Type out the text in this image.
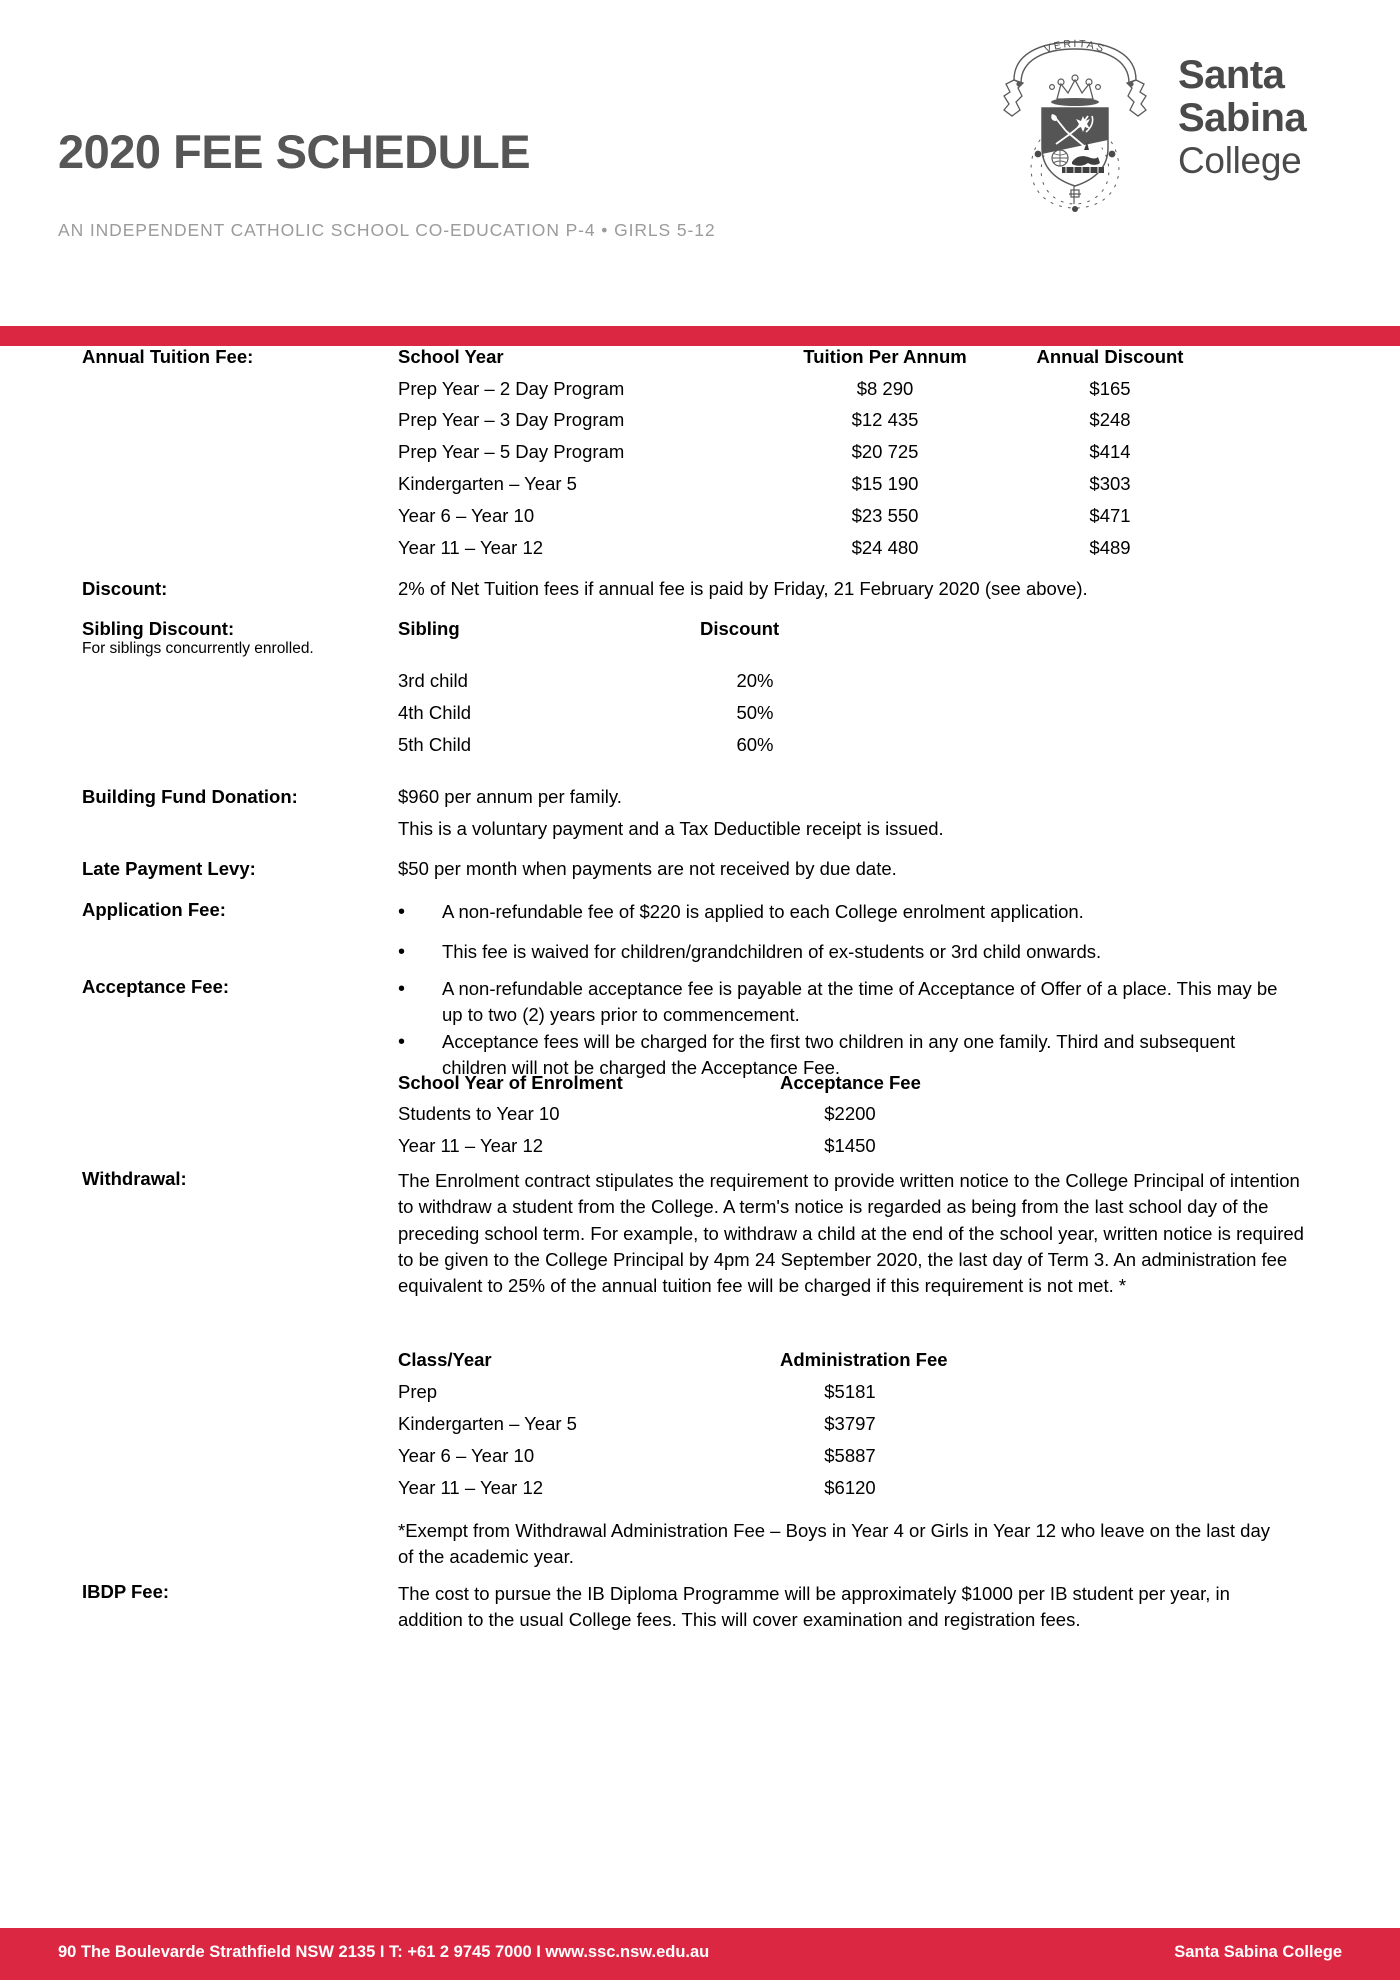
2020 FEE SCHEDULE
AN INDEPENDENT CATHOLIC SCHOOL CO-EDUCATION P-4 • GIRLS 5-12
VERITAS
Santa
Sabina
College
Annual Tuition Fee:	School Year	Tuition Per Annum	Annual Discount
Prep Year – 2 Day Program	$8 290	$165
Prep Year – 3 Day Program	$12 435	$248
Prep Year – 5 Day Program	$20 725	$414
Kindergarten – Year 5	$15 190	$303
Year 6 – Year 10	$23 550	$471
Year 11 – Year 12	$24 480	$489
Discount:	2% of Net Tuition fees if annual fee is paid by Friday, 21 February 2020 (see above).
Sibling Discount:
For siblings concurrently enrolled.
Sibling	Discount
3rd child	20%
4th Child	50%
5th Child	60%
Building Fund Donation:	$960 per annum per family.
This is a voluntary payment and a Tax Deductible receipt is issued.
Late Payment Levy:	$50 per month when payments are not received by due date.
Application Fee:	•	A non-refundable fee of $220 is applied to each College enrolment application.
•	This fee is waived for children/grandchildren of ex-students or 3rd child onwards.
Acceptance Fee:	•	A non-refundable acceptance fee is payable at the time of Acceptance of Offer of a place. This may be up to two (2) years prior to commencement.
•	Acceptance fees will be charged for the first two children in any one family. Third and subsequent children will not be charged the Acceptance Fee.
School Year of Enrolment	Acceptance Fee
Students to Year 10	$2200
Year 11 – Year 12	$1450
Withdrawal:	The Enrolment contract stipulates the requirement to provide written notice to the College Principal of intention to withdraw a student from the College. A term's notice is regarded as being from the last school day of the preceding school term. For example, to withdraw a child at the end of the school year, written notice is required to be given to the College Principal by 4pm 24 September 2020, the last day of Term 3. An administration fee equivalent to 25% of the annual tuition fee will be charged if this requirement is not met. *
Class/Year	Administration Fee
Prep	$5181
Kindergarten – Year 5	$3797
Year 6 – Year 10	$5887
Year 11 – Year 12	$6120
*Exempt from Withdrawal Administration Fee – Boys in Year 4 or Girls in Year 12 who leave on the last day of the academic year.
IBDP Fee:	The cost to pursue the IB Diploma Programme will be approximately $1000 per IB student per year, in addition to the usual College fees. This will cover examination and registration fees.
90 The Boulevarde Strathfield NSW 2135 I T: +61 2 9745 7000 I www.ssc.nsw.edu.au	Santa Sabina College
